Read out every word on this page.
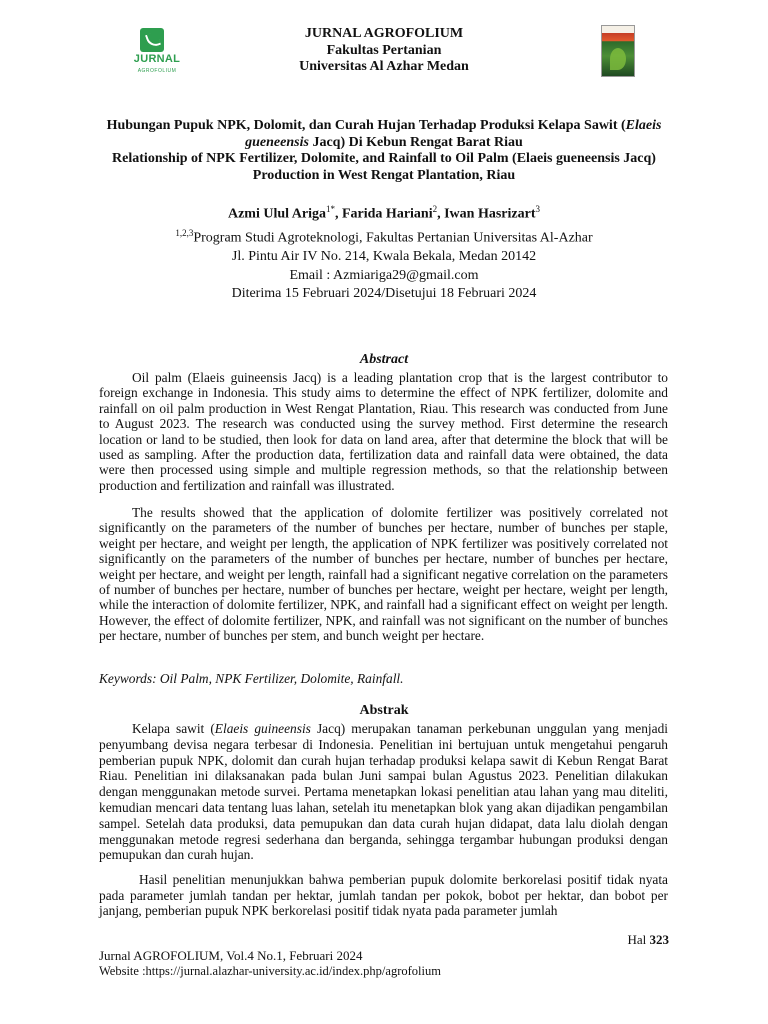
JURNAL
AGROFOLIUM
JURNAL AGROFOLIUM
Fakultas Pertanian
Universitas Al Azhar Medan
Hubungan Pupuk NPK, Dolomit, dan Curah Hujan Terhadap Produksi Kelapa Sawit (Elaeis gueneensis Jacq) Di Kebun Rengat Barat Riau
Relationship of NPK Fertilizer, Dolomite, and Rainfall to Oil Palm (Elaeis gueneensis Jacq) Production in West Rengat Plantation, Riau
Azmi Ulul Ariga$^{1*}$, Farida Hariani$^2$, Iwan Hasrizart$^3$
$^{1,2,3}$Program Studi Agroteknologi, Fakultas Pertanian Universitas Al-Azhar
Jl. Pintu Air IV No. 214, Kwala Bekala, Medan 20142
Email : Azmiariga29@gmail.com
Diterima 15 Februari 2024/Disetujui 18 Februari 2024
Abstract
Oil palm (Elaeis guineensis Jacq) is a leading plantation crop that is the largest contributor to foreign exchange in Indonesia. This study aims to determine the effect of NPK fertilizer, dolomite and rainfall on oil palm production in West Rengat Plantation, Riau. This research was conducted from June to August 2023. The research was conducted using the survey method. First determine the research location or land to be studied, then look for data on land area, after that determine the block that will be used as sampling. After the production data, fertilization data and rainfall data were obtained, the data were then processed using simple and multiple regression methods, so that the relationship between production and fertilization and rainfall was illustrated.
The results showed that the application of dolomite fertilizer was positively correlated not significantly on the parameters of the number of bunches per hectare, number of bunches per staple, weight per hectare, and weight per length, the application of NPK fertilizer was positively correlated not significantly on the parameters of the number of bunches per hectare, number of bunches per hectare, weight per hectare, and weight per length, rainfall had a significant negative correlation on the parameters of number of bunches per hectare, number of bunches per hectare, weight per hectare, weight per length, while the interaction of dolomite fertilizer, NPK, and rainfall had a significant effect on weight per length. However, the effect of dolomite fertilizer, NPK, and rainfall was not significant on the number of bunches per hectare, number of bunches per stem, and bunch weight per hectare.
Keywords: Oil Palm, NPK Fertilizer, Dolomite, Rainfall.
Abstrak
Kelapa sawit (Elaeis guineensis Jacq) merupakan tanaman perkebunan unggulan yang menjadi penyumbang devisa negara terbesar di Indonesia. Penelitian ini bertujuan untuk mengetahui pengaruh pemberian pupuk NPK, dolomit dan curah hujan terhadap produksi kelapa sawit di Kebun Rengat Barat Riau. Penelitian ini dilaksanakan pada bulan Juni sampai bulan Agustus 2023. Penelitian dilakukan dengan menggunakan metode survei. Pertama menetapkan lokasi penelitian atau lahan yang mau diteliti, kemudian mencari data tentang luas lahan, setelah itu menetapkan blok yang akan dijadikan pengambilan sampel. Setelah data produksi, data pemupukan dan data curah hujan didapat, data lalu diolah dengan menggunakan metode regresi sederhana dan berganda, sehingga tergambar hubungan produksi dengan pemupukan dan curah hujan.
Hasil penelitian menunjukkan bahwa pemberian pupuk dolomite berkorelasi positif tidak nyata pada parameter jumlah tandan per hektar, jumlah tandan per pokok, bobot per hektar, dan bobot per janjang, pemberian pupuk NPK berkorelasi positif tidak nyata pada parameter jumlah
Hal 323
Jurnal AGROFOLIUM, Vol.4 No.1, Februari 2024
Website :https://jurnal.alazhar-university.ac.id/index.php/agrofolium
